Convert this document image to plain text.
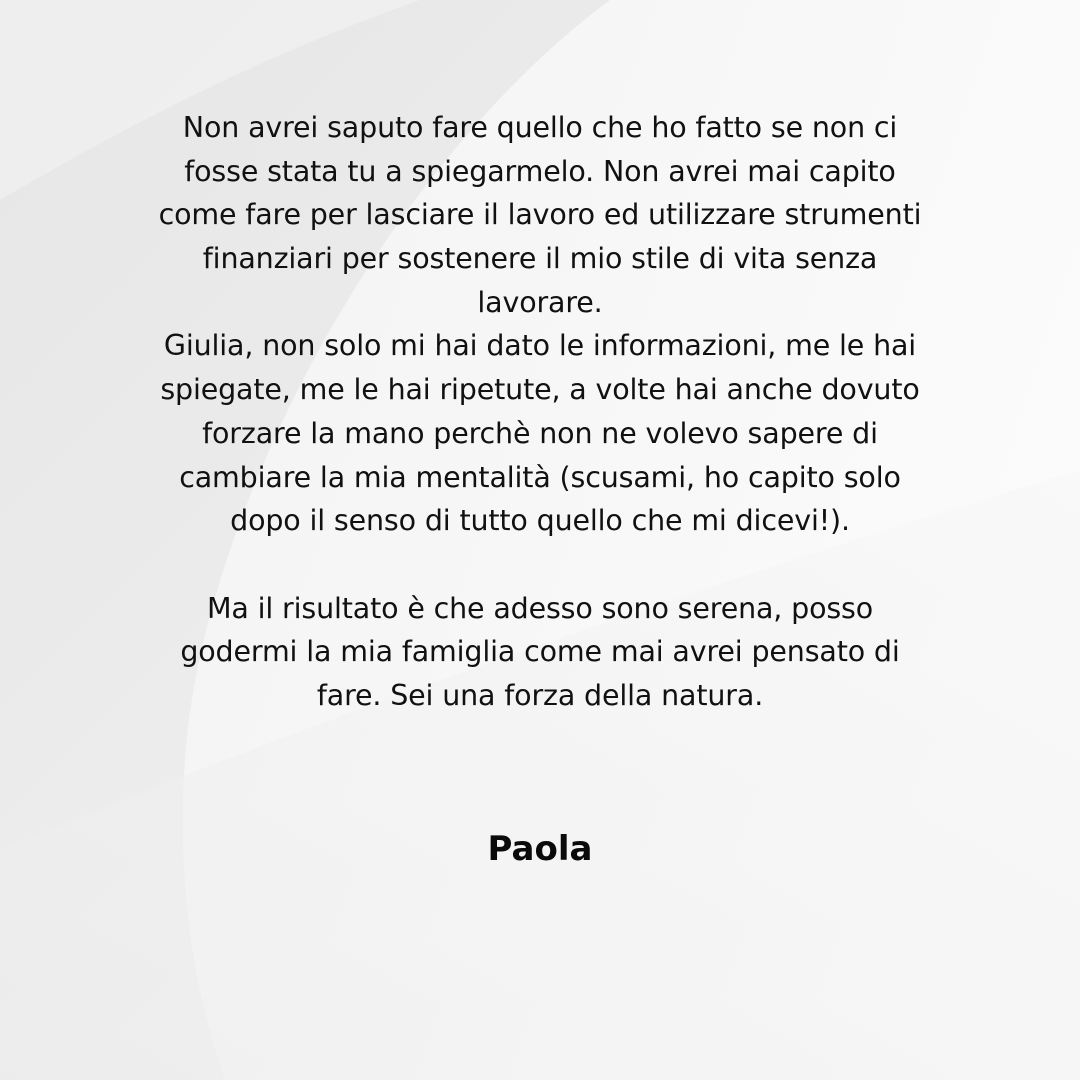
Non avrei saputo fare quello che ho fatto se non ci
fosse stata tu a spiegarmelo. Non avrei mai capito
come fare per lasciare il lavoro ed utilizzare strumenti
finanziari per sostenere il mio stile di vita senza
lavorare.
Giulia, non solo mi hai dato le informazioni, me le hai
spiegate, me le hai ripetute, a volte hai anche dovuto
forzare la mano perchè non ne volevo sapere di
cambiare la mia mentalità (scusami, ho capito solo
dopo il senso di tutto quello che mi dicevi!).
Ma il risultato è che adesso sono serena, posso
godermi la mia famiglia come mai avrei pensato di
fare. Sei una forza della natura.
Paola
